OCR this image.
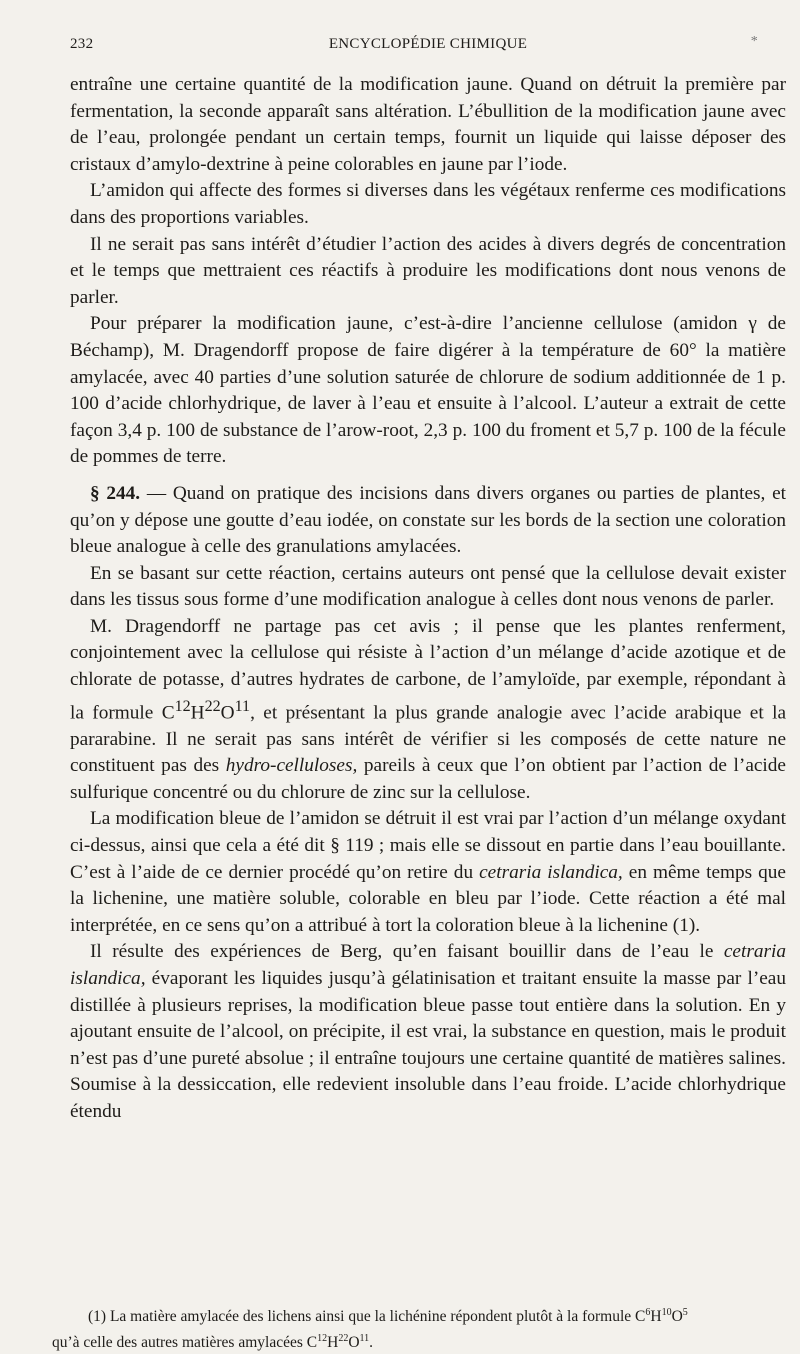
232	ENCYCLOPÉDIE CHIMIQUE	*

entraîne une certaine quantité de la modification jaune. Quand on détruit la première par fermentation, la seconde apparaît sans altération. L’ébullition de la modification jaune avec de l’eau, prolongée pendant un certain temps, fournit un liquide qui laisse déposer des cristaux d’amylo-dextrine à peine colorables en jaune par l’iode.

L’amidon qui affecte des formes si diverses dans les végétaux renferme ces modifications dans des proportions variables.

Il ne serait pas sans intérêt d’étudier l’action des acides à divers degrés de concentration et le temps que mettraient ces réactifs à produire les modifications dont nous venons de parler.

Pour préparer la modification jaune, c’est-à-dire l’ancienne cellulose (amidon γ de Béchamp), M. Dragendorff propose de faire digérer à la température de 60° la matière amylacée, avec 40 parties d’une solution saturée de chlorure de sodium additionnée de 1 p. 100 d’acide chlorhydrique, de laver à l’eau et ensuite à l’alcool. L’auteur a extrait de cette façon 3,4 p. 100 de substance de l’arow-root, 2,3 p. 100 du froment et 5,7 p. 100 de la fécule de pommes de terre.

§ 244. — Quand on pratique des incisions dans divers organes ou parties de plantes, et qu’on y dépose une goutte d’eau iodée, on constate sur les bords de la section une coloration bleue analogue à celle des granulations amylacées.

En se basant sur cette réaction, certains auteurs ont pensé que la cellulose devait exister dans les tissus sous forme d’une modification analogue à celles dont nous venons de parler.

M. Dragendorff ne partage pas cet avis ; il pense que les plantes renferment, conjointement avec la cellulose qui résiste à l’action d’un mélange d’acide azotique et de chlorate de potasse, d’autres hydrates de carbone, de l’amyloïde, par exemple, répondant à la formule $C^{12}H^{22}O^{11}$, et présentant la plus grande analogie avec l’acide arabique et la pararabine. Il ne serait pas sans intérêt de vérifier si les composés de cette nature ne constituent pas des hydro-celluloses, pareils à ceux que l’on obtient par l’action de l’acide sulfurique concentré ou du chlorure de zinc sur la cellulose.

La modification bleue de l’amidon se détruit il est vrai par l’action d’un mélange oxydant ci-dessus, ainsi que cela a été dit § 119 ; mais elle se dissout en partie dans l’eau bouillante. C’est à l’aide de ce dernier procédé qu’on retire du cetraria islandica, en même temps que la lichenine, une matière soluble, colorable en bleu par l’iode. Cette réaction a été mal interprétée, en ce sens qu’on a attribué à tort la coloration bleue à la lichenine (1).

Il résulte des expériences de Berg, qu’en faisant bouillir dans de l’eau le cetraria islandica, évaporant les liquides jusqu’à gélatinisation et traitant ensuite la masse par l’eau distillée à plusieurs reprises, la modification bleue passe tout entière dans la solution. En y ajoutant ensuite de l’alcool, on précipite, il est vrai, la substance en question, mais le produit n’est pas d’une pureté absolue ; il entraîne toujours une certaine quantité de matières salines. Soumise à la dessiccation, elle redevient insoluble dans l’eau froide. L’acide chlorhydrique étendu

(1) La matière amylacée des lichens ainsi que la lichénine répondent plutôt à la formule $C^6H^{10}O^5$
qu’à celle des autres matières amylacées $C^{12}H^{22}O^{11}$.
